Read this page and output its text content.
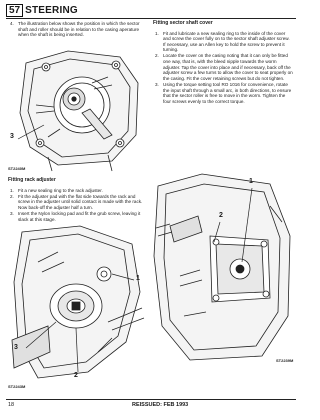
57 STEERING
4. The illustration below shows the position in which the sector shaft and roller should be in relation to the casing aperature when the shaft is being inserted.
Fitting sector shaft cover
1. Fit and lubricate a new sealing ring to the inside of the cover and screw the cover fully on to the sector shaft adjuster screw. If necessary, use an Allen key to hold the screw to prevent it turning.
2. Locate the cover on the casing noting that it can only be fitted one way, that is, with the bleed nipple towards the worm adjuster. Tap the cover into place and if necessary, back off the adjuster screw a few turns to allow the cover to seat properly on the casing. Fit the cover retaining screws but do not tighten.
3. Using the torque setting tool RO 1016 for convenience, rotate the input shaft through a small arc, in both directions, to ensure that the sector roller is free to move in the worm. Tighten the four screws evenly to the correct torque.
3
ST2240M
Fitting rack adjuster
1. Fit a new sealing ring to the rack adjuster.
2. Fit the adjuster pad with the flat side towards the rack and screw in the adjuster until solid contact is made with the rack. Now back-off the adjuster half a turn.
3. Insert the Nylon locking pad and fit the grub screw, leaving it slack at this stage.
1
3
2
ST2243M
1
2
ST2239M
18	REISSUED: FEB 1993
